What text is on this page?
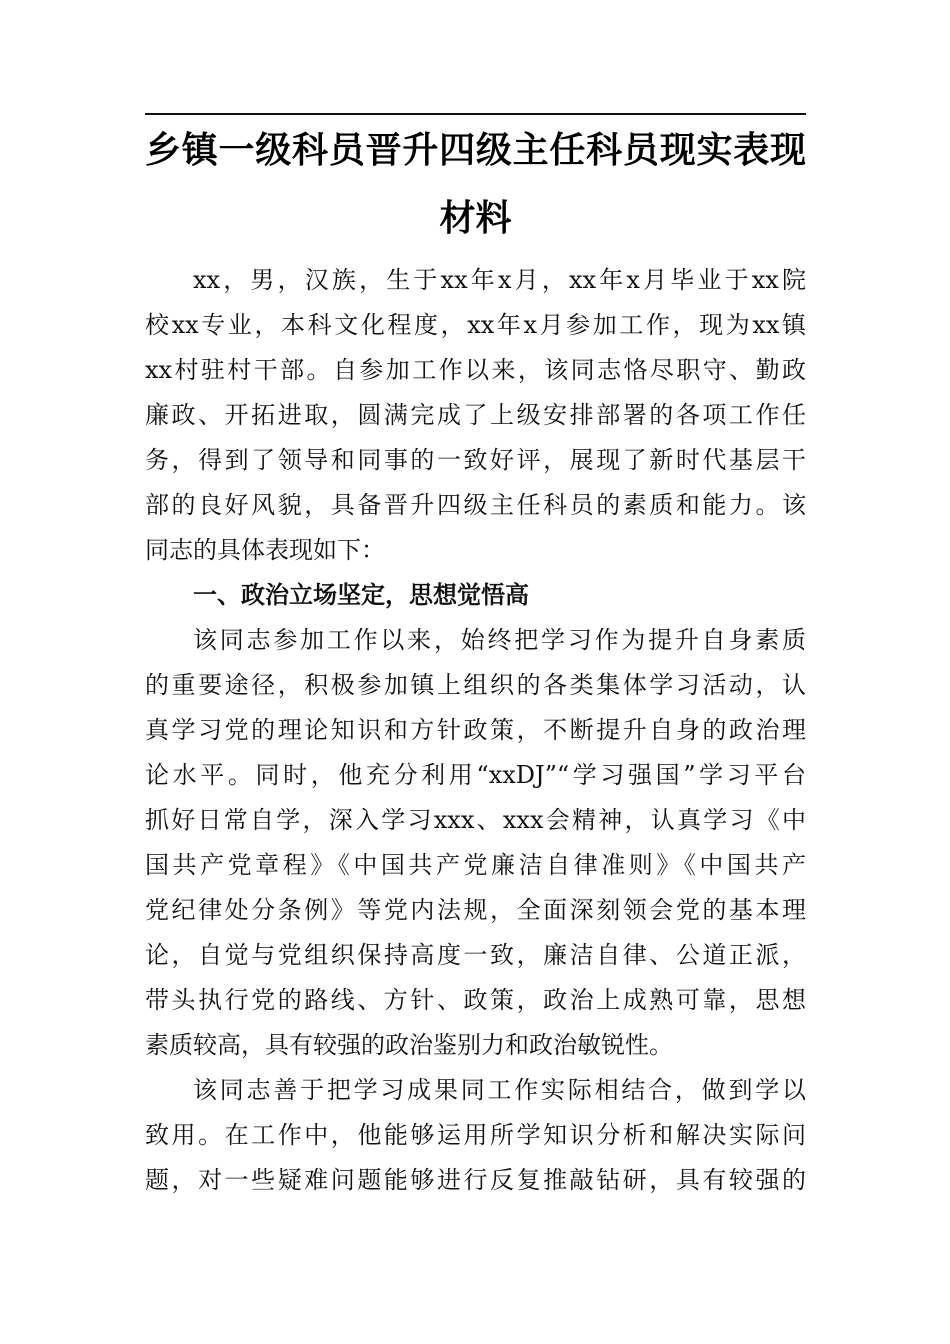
乡镇一级科员晋升四级主任科员现实表现
材料
xx，男，汉族，生于xx年x月，xx年x月毕业于xx院
校xx专业，本科文化程度，xx年x月参加工作，现为xx镇
xx村驻村干部。自参加工作以来，该同志恪尽职守、勤政
廉政、开拓进取，圆满完成了上级安排部署的各项工作任
务，得到了领导和同事的一致好评，展现了新时代基层干
部的良好风貌，具备晋升四级主任科员的素质和能力。该
同志的具体表现如下：
一、政治立场坚定，思想觉悟高
该同志参加工作以来，始终把学习作为提升自身素质
的重要途径，积极参加镇上组织的各类集体学习活动，认
真学习党的理论知识和方针政策，不断提升自身的政治理
论水平。同时，他充分利用“xxDJ”“学习强国”学习平台
抓好日常自学，深入学习xxx、xxx会精神，认真学习《中
国共产党章程》《中国共产党廉洁自律准则》《中国共产
党纪律处分条例》等党内法规，全面深刻领会党的基本理
论，自觉与党组织保持高度一致，廉洁自律、公道正派，
带头执行党的路线、方针、政策，政治上成熟可靠，思想
素质较高，具有较强的政治鉴别力和政治敏锐性。
该同志善于把学习成果同工作实际相结合，做到学以
致用。在工作中，他能够运用所学知识分析和解决实际问
题，对一些疑难问题能够进行反复推敲钻研，具有较强的
